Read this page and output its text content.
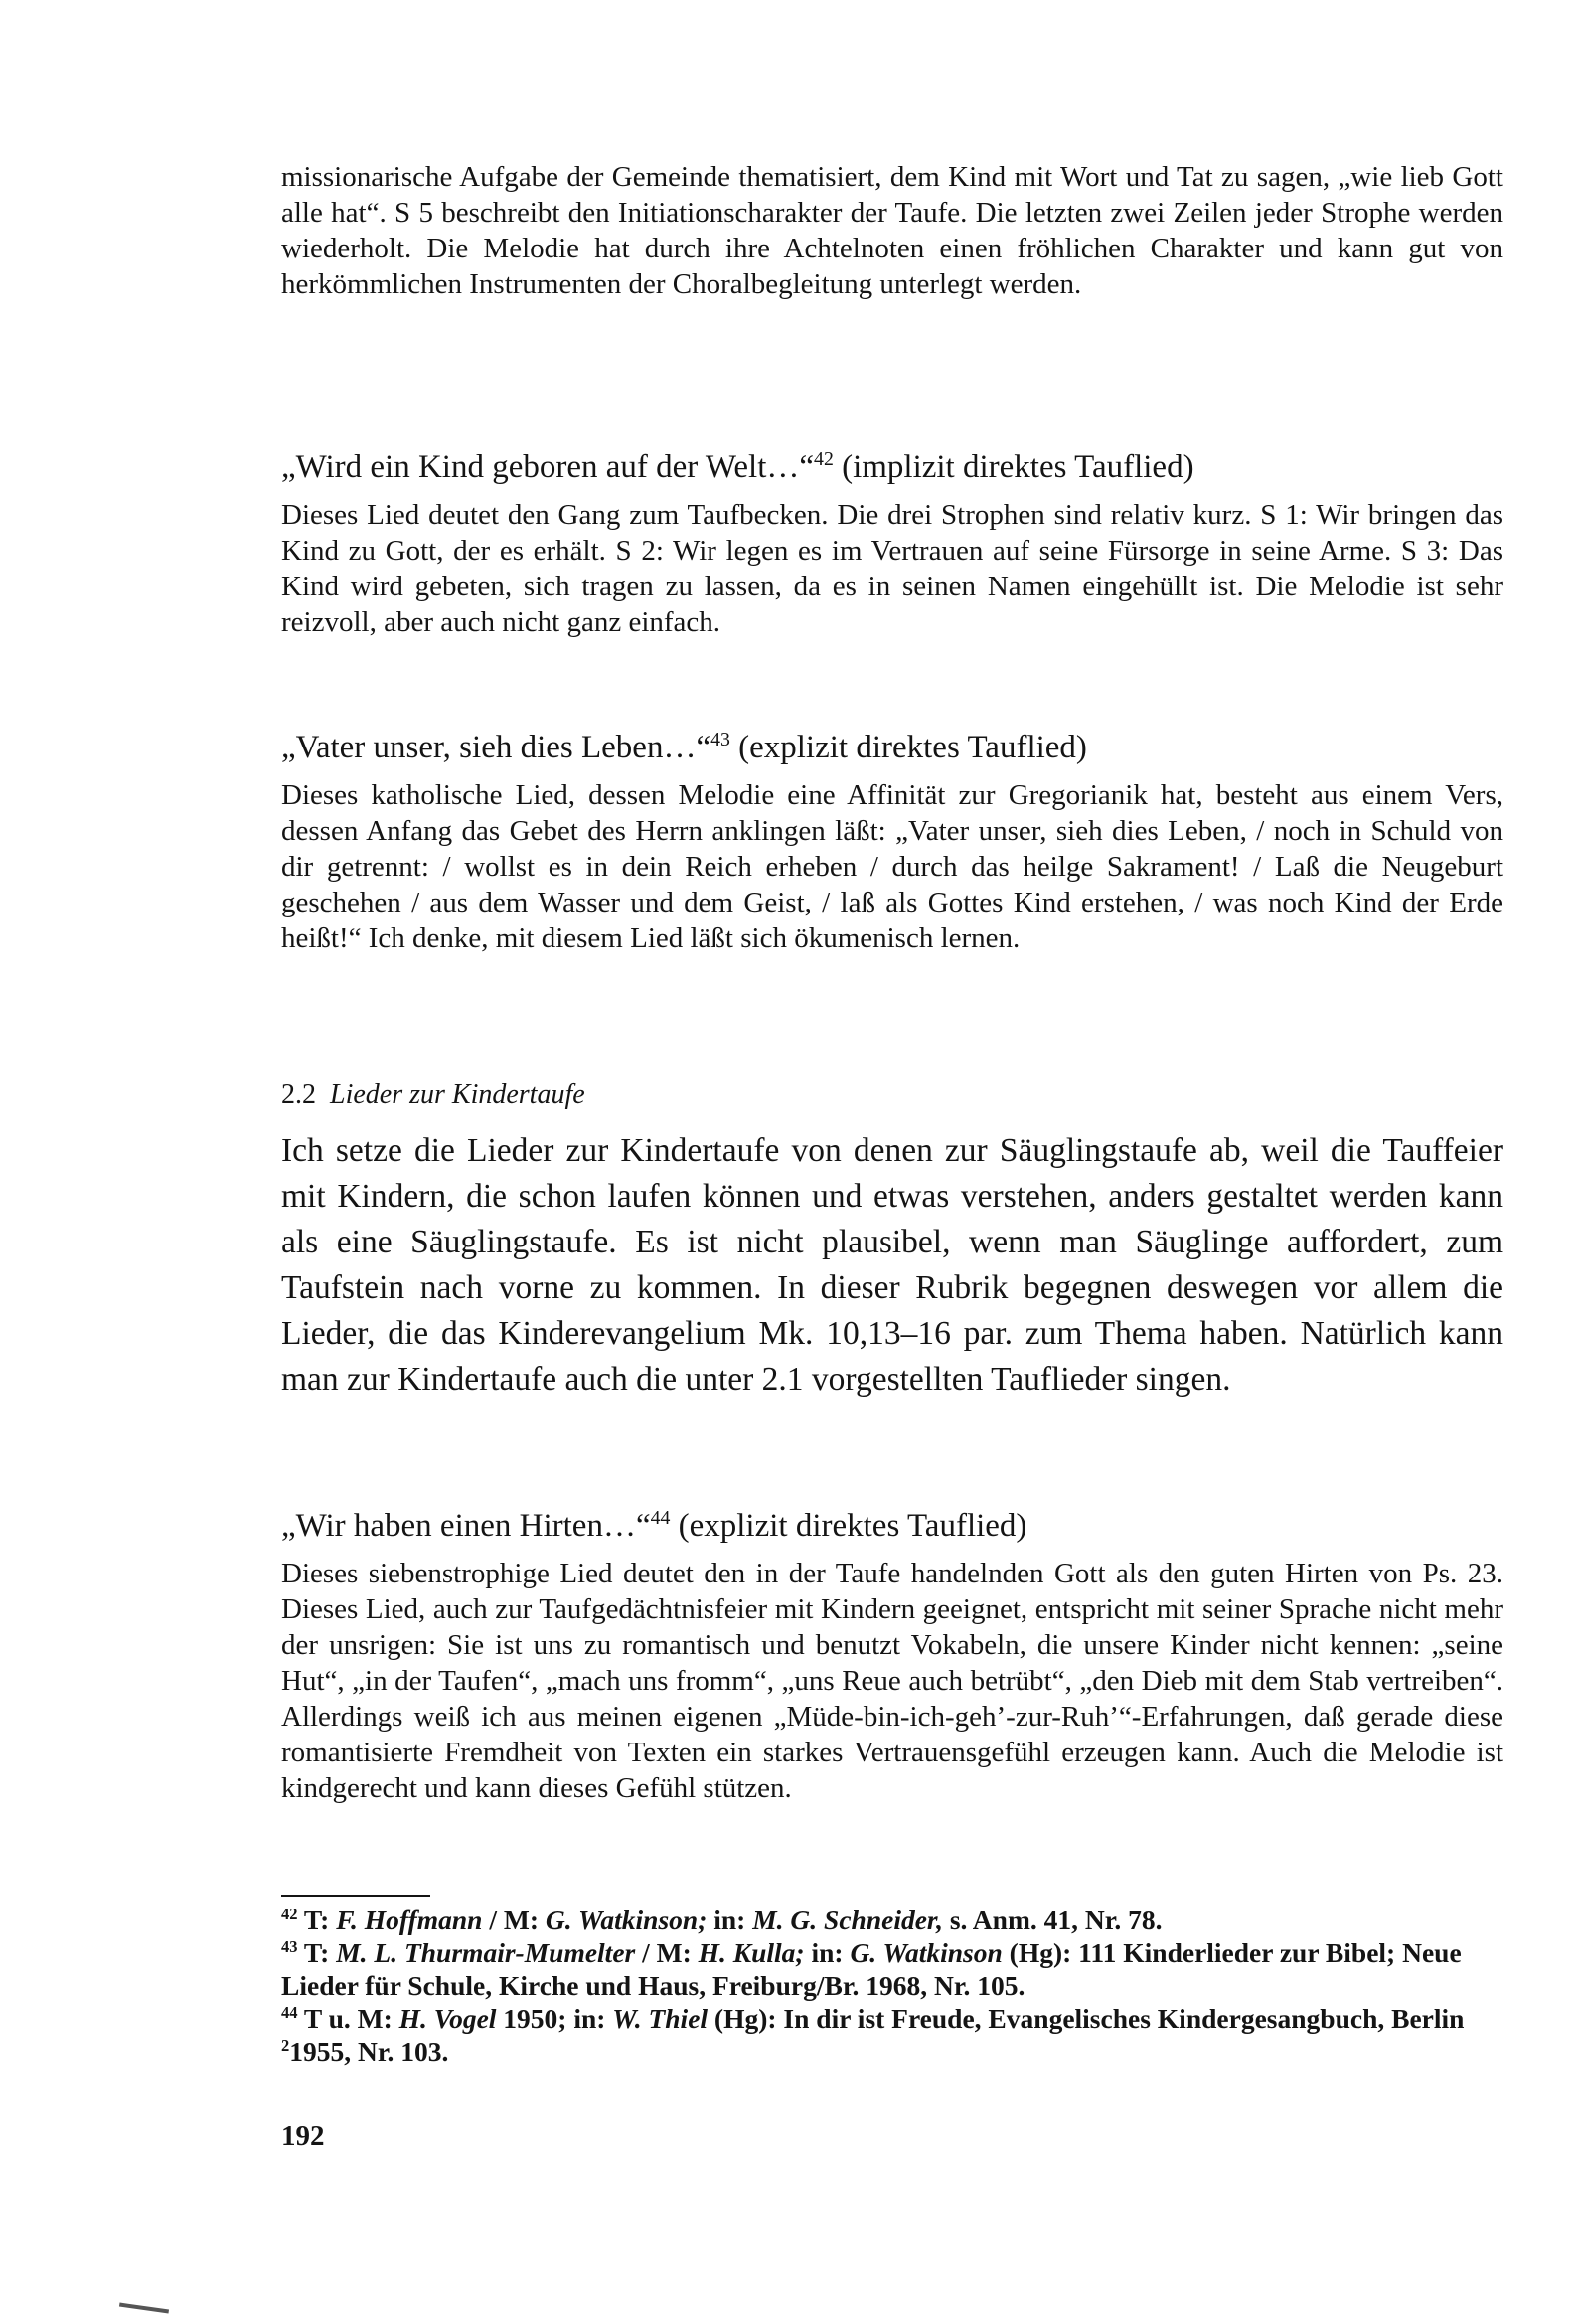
missionarische Aufgabe der Gemeinde thematisiert, dem Kind mit Wort und Tat zu sagen, „wie lieb Gott alle hat“. S 5 beschreibt den Initiationscharakter der Taufe. Die letzten zwei Zeilen jeder Strophe werden wiederholt. Die Melodie hat durch ihre Achtelnoten einen fröhlichen Charakter und kann gut von herkömmlichen Instrumenten der Choralbegleitung unterlegt werden.

„Wird ein Kind geboren auf der Welt…“$^{42}$ (implizit direktes Tauflied)

Dieses Lied deutet den Gang zum Taufbecken. Die drei Strophen sind relativ kurz. S 1: Wir bringen das Kind zu Gott, der es erhält. S 2: Wir legen es im Vertrauen auf seine Fürsorge in seine Arme. S 3: Das Kind wird gebeten, sich tragen zu lassen, da es in seinen Namen eingehüllt ist. Die Melodie ist sehr reizvoll, aber auch nicht ganz einfach.

„Vater unser, sieh dies Leben…“$^{43}$ (explizit direktes Tauflied)

Dieses katholische Lied, dessen Melodie eine Affinität zur Gregorianik hat, besteht aus einem Vers, dessen Anfang das Gebet des Herrn anklingen läßt: „Vater unser, sieh dies Leben, / noch in Schuld von dir getrennt: / wollst es in dein Reich erheben / durch das heilge Sakrament! / Laß die Neugeburt geschehen / aus dem Wasser und dem Geist, / laß als Gottes Kind erstehen, / was noch Kind der Erde heißt!“ Ich denke, mit diesem Lied läßt sich ökumenisch lernen.

2.2 Lieder zur Kindertaufe

Ich setze die Lieder zur Kindertaufe von denen zur Säuglingstaufe ab, weil die Tauffeier mit Kindern, die schon laufen können und etwas verstehen, anders gestaltet werden kann als eine Säuglingstaufe. Es ist nicht plausibel, wenn man Säuglinge auffordert, zum Taufstein nach vorne zu kommen. In dieser Rubrik begegnen deswegen vor allem die Lieder, die das Kinderevangelium Mk. 10,13–16 par. zum Thema haben. Natürlich kann man zur Kindertaufe auch die unter 2.1 vorgestellten Tauflieder singen.

„Wir haben einen Hirten…“$^{44}$ (explizit direktes Tauflied)

Dieses siebenstrophige Lied deutet den in der Taufe handelnden Gott als den guten Hirten von Ps. 23. Dieses Lied, auch zur Taufgedächtnisfeier mit Kindern geeignet, entspricht mit seiner Sprache nicht mehr der unsrigen: Sie ist uns zu romantisch und benutzt Vokabeln, die unsere Kinder nicht kennen: „seine Hut“, „in der Taufen“, „mach uns fromm“, „uns Reue auch betrübt“, „den Dieb mit dem Stab vertreiben“. Allerdings weiß ich aus meinen eigenen „Müde-bin-ich-geh’-zur-Ruh’“-Erfahrungen, daß gerade diese romantisierte Fremdheit von Texten ein starkes Vertrauensgefühl erzeugen kann. Auch die Melodie ist kindgerecht und kann dieses Gefühl stützen.

$^{42}$ T: F. Hoffmann / M: G. Watkinson; in: M. G. Schneider, s. Anm. 41, Nr. 78.

$^{43}$ T: M. L. Thurmair-Mumelter / M: H. Kulla; in: G. Watkinson (Hg): 111 Kinderlieder zur Bibel; Neue Lieder für Schule, Kirche und Haus, Freiburg/Br. 1968, Nr. 105.

$^{44}$ T u. M: H. Vogel 1950; in: W. Thiel (Hg): In dir ist Freude, Evangelisches Kindergesangbuch, Berlin $^2$1955, Nr. 103.

192
